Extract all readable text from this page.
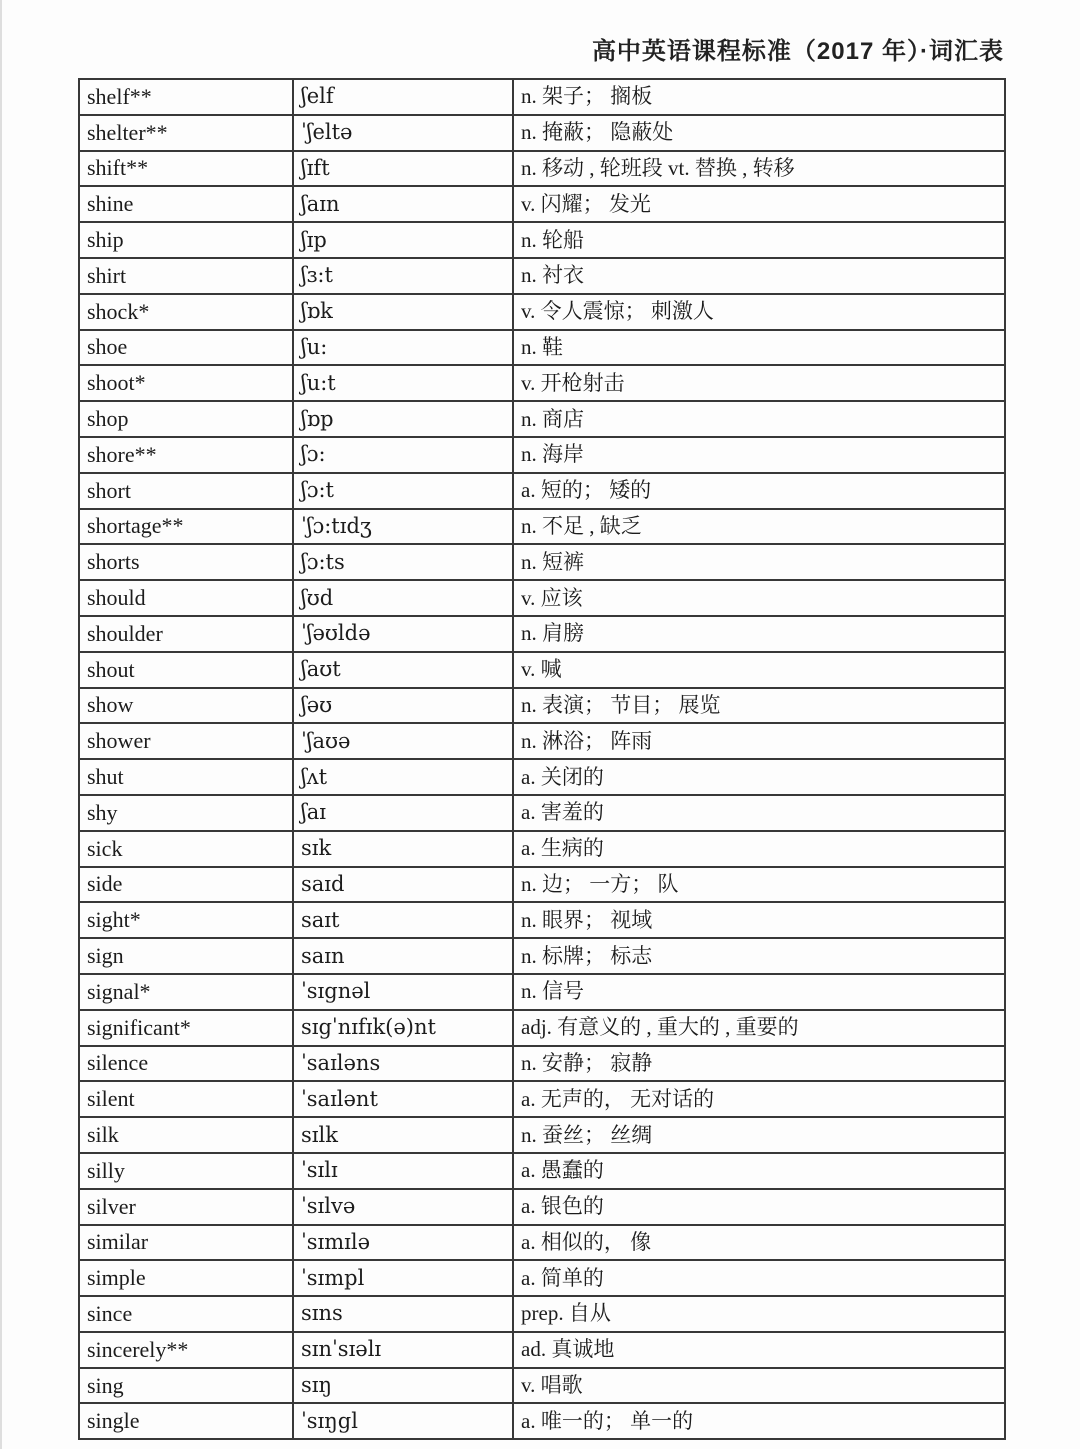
高中英语课程标准（2017 年）·词汇表
shelf**	ʃelf	n. 架子； 搁板
shelter**	ˈʃeltə	n. 掩蔽； 隐蔽处
shift**	ʃɪft	n. 移动 , 轮班段 vt. 替换 , 转移
shine	ʃaɪn	v. 闪耀； 发光
ship	ʃɪp	n. 轮船
shirt	ʃɜ:t	n. 衬衣
shock*	ʃɒk	v. 令人震惊； 刺激人
shoe	ʃu:	n. 鞋
shoot*	ʃu:t	v. 开枪射击
shop	ʃɒp	n. 商店
shore**	ʃɔ:	n. 海岸
short	ʃɔ:t	a. 短的； 矮的
shortage**	ˈʃɔ:tɪdʒ	n. 不足 , 缺乏
shorts	ʃɔ:ts	n. 短裤
should	ʃʊd	v. 应该
shoulder	ˈʃəʊldə	n. 肩膀
shout	ʃaʊt	v. 喊
show	ʃəʊ	n. 表演； 节目； 展览
shower	ˈʃaʊə	n. 淋浴； 阵雨
shut	ʃʌt	a. 关闭的
shy	ʃaɪ	a. 害羞的
sick	sɪk	a. 生病的
side	saɪd	n. 边； 一方； 队
sight*	saɪt	n. 眼界； 视域
sign	saɪn	n. 标牌； 标志
signal*	ˈsɪgnəl	n. 信号
significant*	sɪgˈnɪfɪk(ə)nt	adj. 有意义的 , 重大的 , 重要的
silence	ˈsaɪləns	n. 安静； 寂静
silent	ˈsaɪlənt	a. 无声的， 无对话的
silk	sɪlk	n. 蚕丝； 丝绸
silly	ˈsɪlɪ	a. 愚蠢的
silver	ˈsɪlvə	a. 银色的
similar	ˈsɪmɪlə	a. 相似的， 像
simple	ˈsɪmpl	a. 简单的
since	sɪns	prep. 自从
sincerely**	sɪnˈsɪəlɪ	ad. 真诚地
sing	sɪŋ	v. 唱歌
single	ˈsɪŋgl	a. 唯一的； 单一的
